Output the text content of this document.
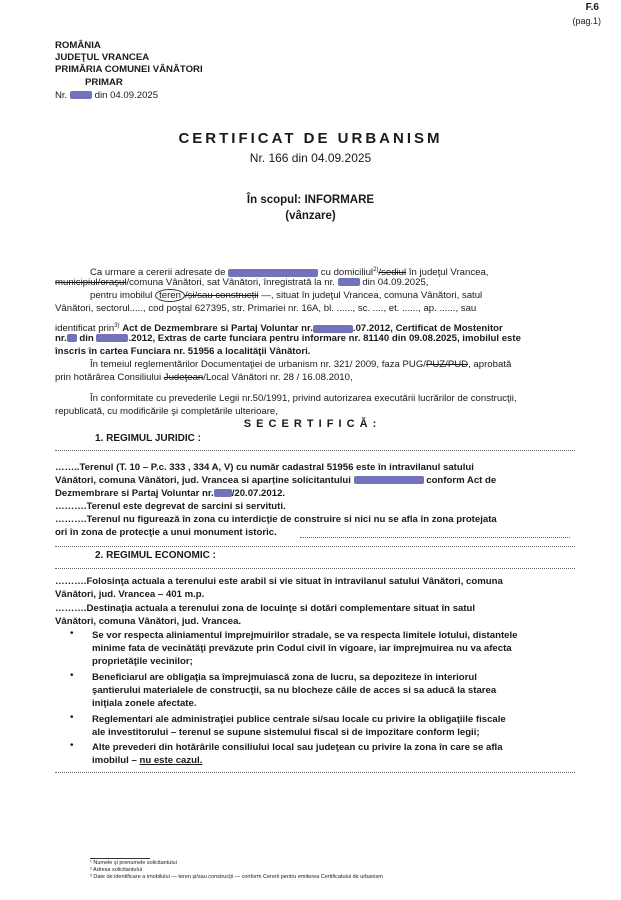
F.6
(pag.1)
ROMÂNIA
JUDEŢUL VRANCEA
PRIMĂRIA COMUNEI VÂNĂTORI
PRIMAR
Nr.	din 04.09.2025
CERTIFICAT DE URBANISM
Nr. 166 din 04.09.2025
În scopul: INFORMARE
(vânzare)
Ca urmare a cererii adresate de	cu domiciliul$^{2)}$/sediul în judeţul Vrancea,
municipiul/oraşul/comuna Vânători, sat Vânători, înregistrată la nr.	din 04.09.2025,
pentru imobilul teren /și/sau construcții —, situat în judeţul Vrancea, comuna Vânători, satul
Vânători, sectorul....., cod poştal 627395, str. Primariei nr. 16A, bl. ......, sc. ...., et. ......, ap. ......, sau
identificat prin$^{3)}$ Act de Dezmembrare si Partaj Voluntar nr.	.07.2012, Certificat de Mostenitor
nr. din	.2012, Extras de carte funciara pentru informare nr. 81140 din 09.08.2025, imobilul este
înscris în cartea Funciara nr. 51956 a localităţii Vânători.
În temeiul reglementărilor Documentaţiei de urbanism nr. 321/ 2009, faza PUG/PUZ/PUD, aprobată
prin hotărârea Consiliului Judeţean/Local Vânători nr. 28 / 16.08.2010,
În conformitate cu prevederile Legii nr.50/1991, privind autorizarea executării lucrărilor de construcţii,
republicată, cu modificările şi completările ulterioare,
S E C E R T I F I C Ă :
1. REGIMUL JURIDIC :
……..Terenul (T. 10 – P.c. 333 , 334 A, V) cu număr cadastral 51956 este în intravilanul satului
Vânători, comuna Vânători, jud. Vrancea si aparține solicitantului	conform Act de
Dezmembrare si Partaj Voluntar nr. /20.07.2012.
……….Terenul este degrevat de sarcini si servituti.
……….Terenul nu figurează în zona cu interdicţie de construire si nici nu se afla în zona protejata
ori în zona de protecţie a unui monument istoric.
2. REGIMUL ECONOMIC :
……….Folosinţa actuala a terenului este arabil si vie situat în intravilanul satului Vânători, comuna
Vânători, jud. Vrancea – 401 m.p.
……….Destinaţia actuala a terenului zona de locuinţe si dotări complementare situat în satul
Vânători, comuna Vânători, jud. Vrancea.
• Se vor respecta aliniamentul împrejmuirilor stradale, se va respecta limitele lotului, distantele
minime fata de vecinătăţi prevăzute prin Codul civil în vigoare, iar împrejmuirea nu va afecta
proprietăţile vecinilor;
• Beneficiarul are obligaţia sa împrejmuiască zona de lucru, sa depoziteze în interiorul
şantierului materialele de construcţii, sa nu blocheze căile de acces si sa aducă la starea
iniţiala zonele afectate.
• Reglementari ale administraţiei publice centrale si/sau locale cu privire la obligaţiile fiscale
ale investitorului – terenul se supune sistemului fiscal si de impozitare conform legii;
• Alte prevederi din hotărârile consiliului local sau judeţean cu privire la zona în care se afla
imobilul – nu este cazul.
¹ Numele şi prenumele solicitantului
² Adresa solicitantului
³ Date de identificare a imobilului — teren şi/sau construcţii — conform Cererii pentru emiterea Certificatului de urbanism
